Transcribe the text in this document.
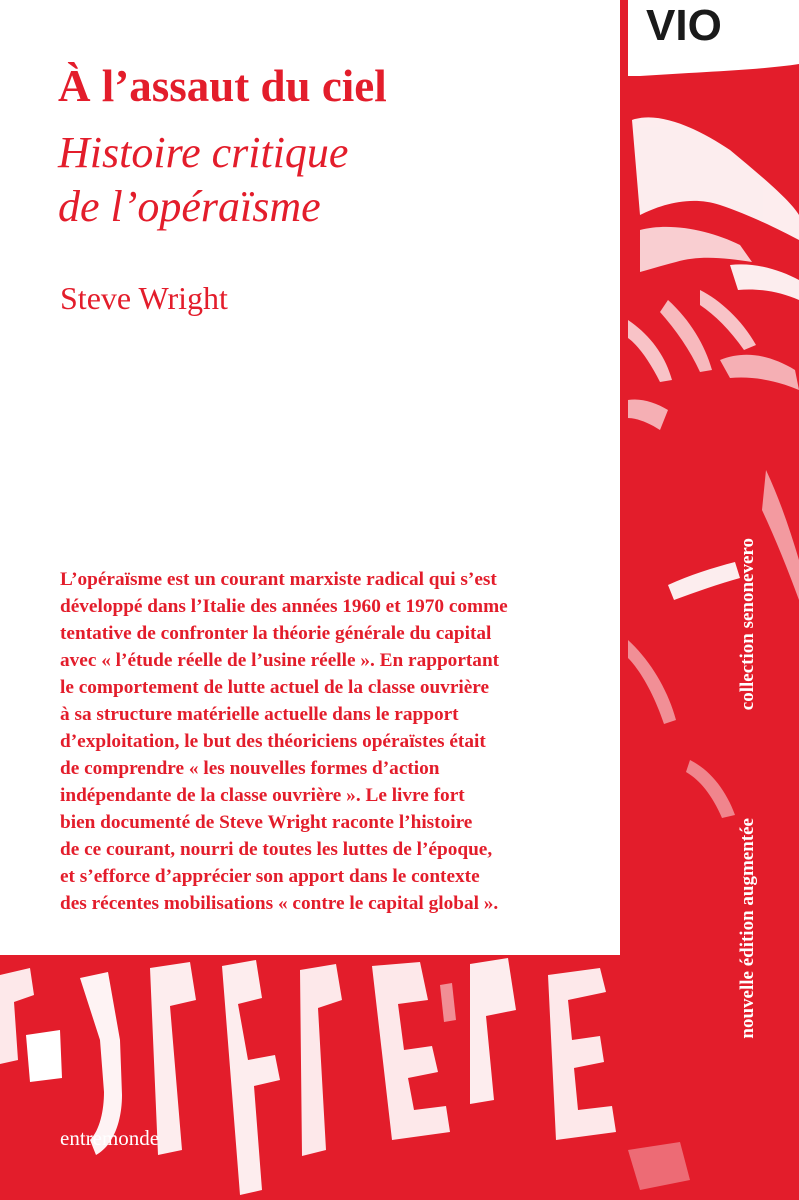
VIO
À l’assaut du ciel
Histoire critique
de l’opéraïsme
Steve Wright
L’opéraïsme est un courant marxiste radical qui s’est
développé dans l’Italie des années 1960 et 1970 comme
tentative de confronter la théorie générale du capital
avec « l’étude réelle de l’usine réelle ». En rapportant
le comportement de lutte actuel de la classe ouvrière
à sa structure matérielle actuelle dans le rapport
d’exploitation, le but des théoriciens opéraïstes était
de comprendre « les nouvelles formes d’action
indépendante de la classe ouvrière ». Le livre fort
bien documenté de Steve Wright raconte l’histoire
de ce courant, nourri de toutes les luttes de l’époque,
et s’efforce d’apprécier son apport dans le contexte
des récentes mobilisations « contre le capital global ».
collection senonevero
nouvelle édition augmentée
entremonde
